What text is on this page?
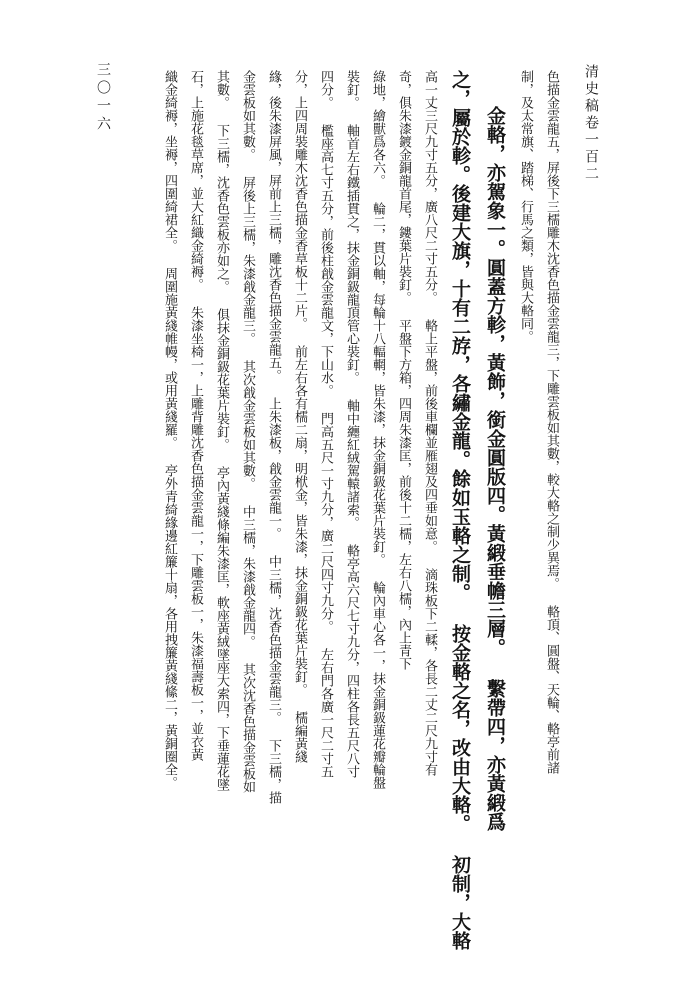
清史稿卷一百二
三〇一六	色描金雲龍五，屏後下三檽雕木沈香色描金雲龍三，下雕雲板如其數，較大輅之制少異焉。 輅頂、圓盤、天輪、輅亭前諸
制，及太常旗、踏梯、行馬之類，皆與大輅同。
金輅，亦駕象一。圓蓋方軫，黃飾，銜金圓版四。黃緞垂幨三層。 繫帶四，亦黃緞爲
之，屬於軫。後建大旗，十有二斿，各繡金龍。餘如玉輅之制。 按金輅之名，改由大輅。 初制，大輅
高一丈三尺九寸五分，廣八尺二寸五分。 輅上平盤，前後車欄並雁翅及四垂如意。 滴珠板下二輮，各長二丈二尺九寸有
奇，俱朱漆鍍金銅龍首尾，鏤葉片裝釘。 平盤下方箱，四周朱漆匡，前後十二檽，左右八檽，內上青下
綠地，繪獸爲各六。 輪二，貫以軸，每輪十八輻輞，皆朱漆，抹金銅鈒花葉片裝釘。 輪內車心各一，抹金銅鈒蓮花瓣輪盤
裝釘。 軸首左右鐵插貫之，抹金銅鈒龍頂管心裝釘。 軸中纏紅絨駕轅諸索。 輅亭高六尺七寸九分，四柱各長五尺八寸
四分。 檻座高七寸五分，前後柱戧金雲龍文，下山水。 門高五尺一寸九分，廣二尺四寸九分。 左右門各廣一尺二寸五
分，上四周裝雕木沈香色描金香草板十二片。 前左右各有檽二扇，明栿金，皆朱漆，抹金銅鈒花葉片裝釘。 檽編黃綫
緣，後朱漆屏風，屏前上三檽，雕沈香色描金雲龍五。 上朱漆板，戧金雲龍一。 中三檽，沈香色描金雲龍三。 下三檽，描
金雲板如其數。 屏後上三檽，朱漆戧金龍三。 其次戧金雲板如其數。 中三檽，朱漆戧金龍四。 其次沈香色描金雲板如
其數。 下三檽，沈香色雲板亦如之。 俱抹金銅鈒花葉片裝釘。 亭內黃綫條編朱漆匡，軟座黃絨墜座大索四，下垂蓮花墜
石，上施花毯草席，並大紅織金綺褥。 朱漆坐椅一，上雕背雕沈香色描金雲龍一，下雕雲板一，朱漆福壽板一，並衣黃
織金綺褥，坐褥，四圍綺裙全。 周圍施黃綫帷幔，或用黃綫羅。 亭外青綺緣邊紅簾十扇，各用拽簾黃綫絛二，黃銅圈全。
